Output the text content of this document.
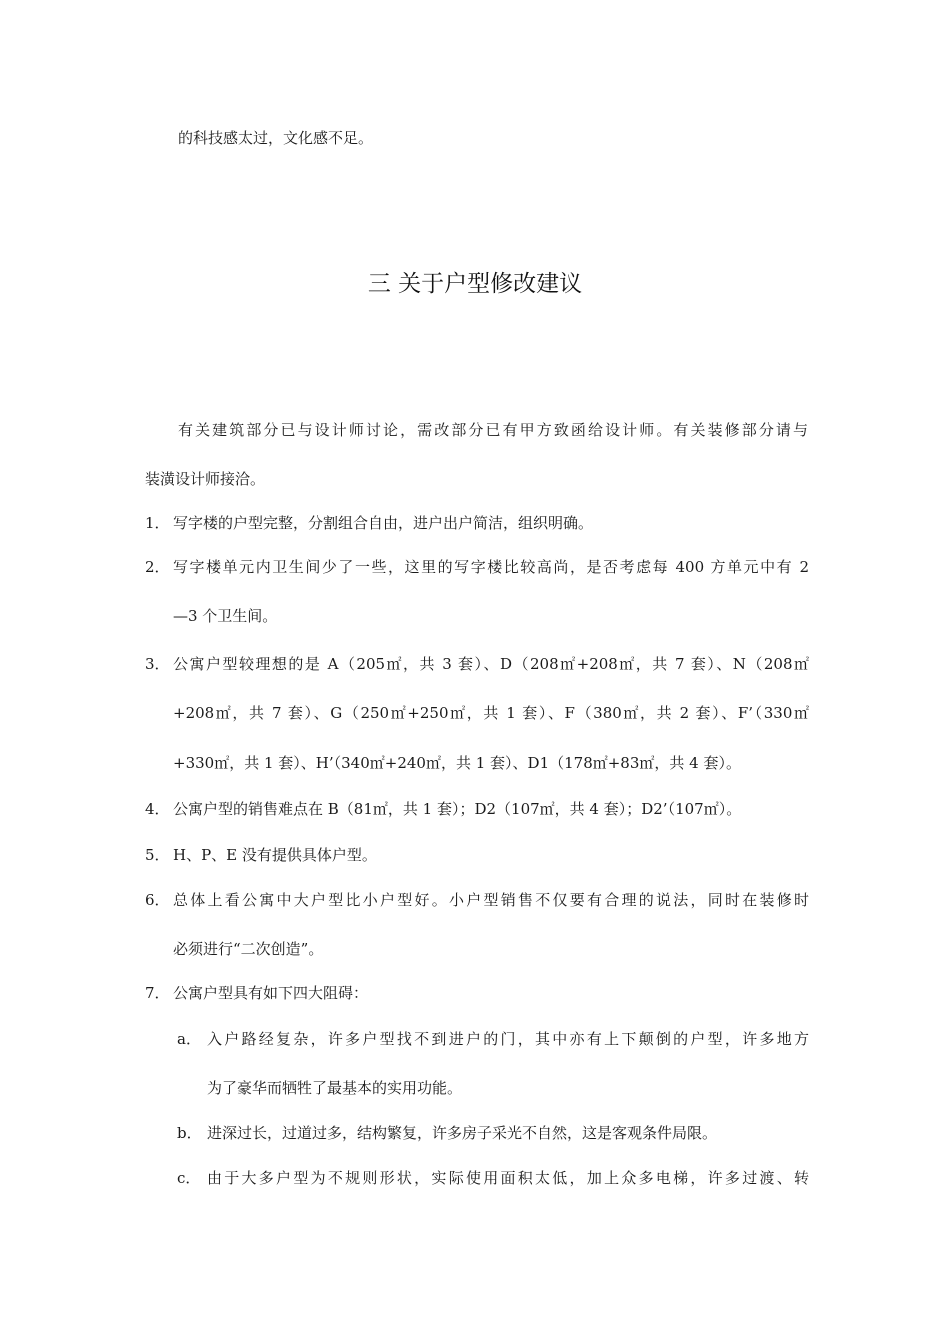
的科技感太过，文化感不足。
三 关于户型修改建议
有关建筑部分已与设计师讨论，需改部分已有甲方致函给设计师。有关装修部分请与
装潢设计师接洽。
1． 写字楼的户型完整，分割组合自由，进户出户简洁，组织明确。
2． 写字楼单元内卫生间少了一些，这里的写字楼比较高尚，是否考虑每 400 方单元中有 2
—3 个卫生间。
3． 公寓户型较理想的是 A（205㎡，共 3 套）、D（208㎡+208㎡，共 7 套）、N（208㎡
+208㎡，共 7 套）、G（250㎡+250㎡，共 1 套）、F（380㎡，共 2 套）、F’（330㎡
+330㎡，共 1 套）、H’（340㎡+240㎡，共 1 套）、D1（178㎡+83㎡，共 4 套）。
4． 公寓户型的销售难点在 B（81㎡，共 1 套）；D2（107㎡，共 4 套）；D2’（107㎡）。
5． H、P、E 没有提供具体户型。
6． 总体上看公寓中大户型比小户型好。小户型销售不仅要有合理的说法，同时在装修时
必须进行“二次创造”。
7． 公寓户型具有如下四大阻碍：
a． 入户路经复杂，许多户型找不到进户的门，其中亦有上下颠倒的户型，许多地方
为了豪华而牺牲了最基本的实用功能。
b． 进深过长，过道过多，结构繁复，许多房子采光不自然，这是客观条件局限。
c． 由于大多户型为不规则形状，实际使用面积太低，加上众多电梯，许多过渡、转
